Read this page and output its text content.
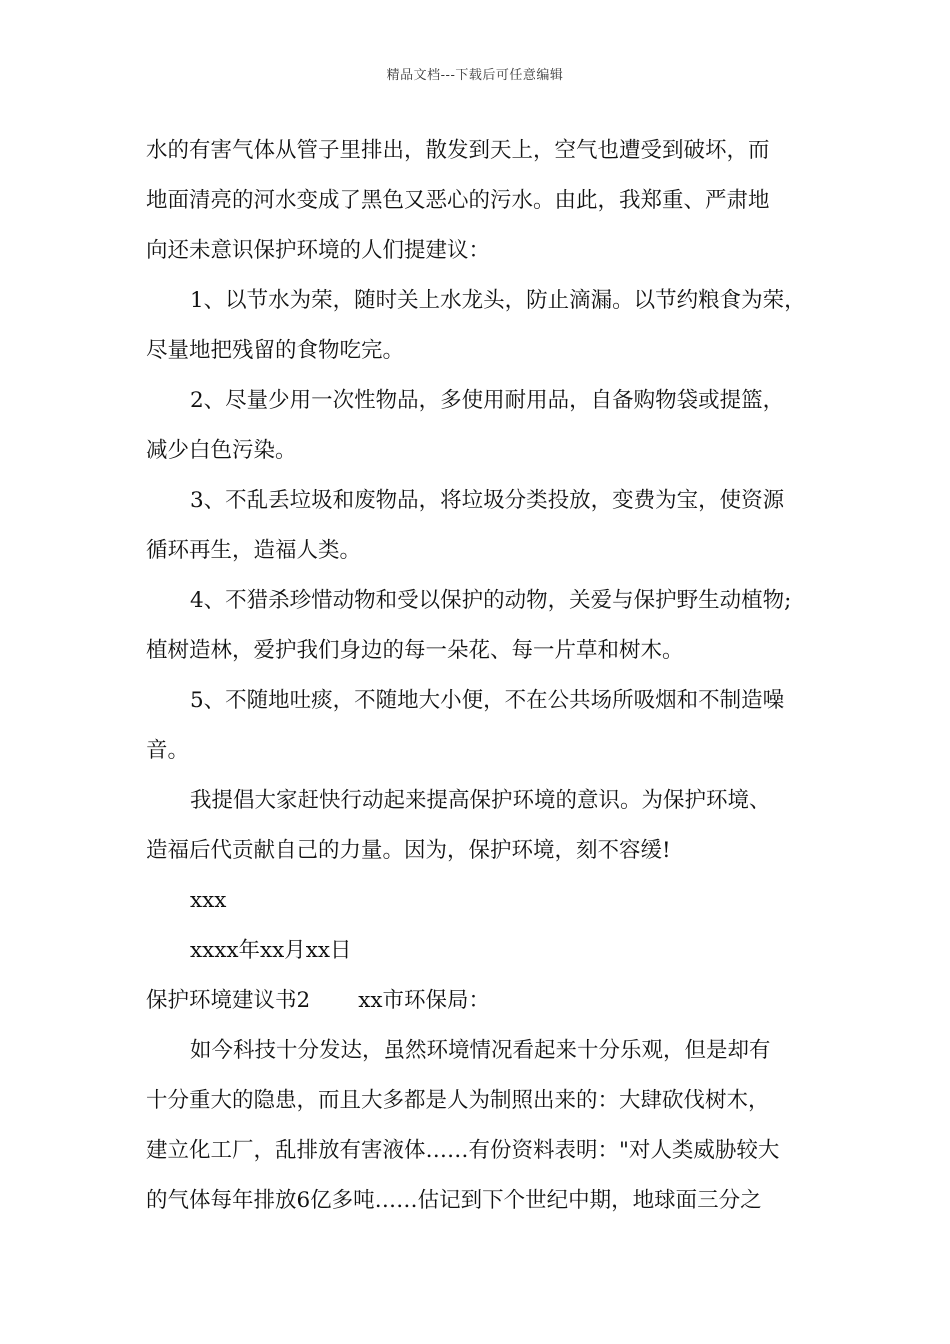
精品文档---下载后可任意编辑
水的有害气体从管子里排出，散发到天上，空气也遭受到破坏，而
地面清亮的河水变成了黑色又恶心的污水。由此，我郑重、严肃地
向还未意识保护环境的人们提建议：
1、以节水为荣，随时关上水龙头，防止滴漏。以节约粮食为荣，
尽量地把残留的食物吃完。
2、尽量少用一次性物品，多使用耐用品，自备购物袋或提篮，
减少白色污染。
3、不乱丢垃圾和废物品，将垃圾分类投放，变费为宝，使资源
循环再生，造福人类。
4、不猎杀珍惜动物和受以保护的动物，关爱与保护野生动植物;
植树造林，爱护我们身边的每一朵花、每一片草和树木。
5、不随地吐痰，不随地大小便，不在公共场所吸烟和不制造噪
音。
我提倡大家赶快行动起来提高保护环境的意识。为保护环境、
造福后代贡献自己的力量。因为，保护环境，刻不容缓!
xxx
xxxx年xx月xx日
保护环境建议书2 xx市环保局：
如今科技十分发达，虽然环境情况看起来十分乐观，但是却有
十分重大的隐患，而且大多都是人为制照出来的：大肆砍伐树木，
建立化工厂，乱排放有害液体……有份资料表明："对人类威胁较大
的气体每年排放6亿多吨……估记到下个世纪中期，地球面三分之
